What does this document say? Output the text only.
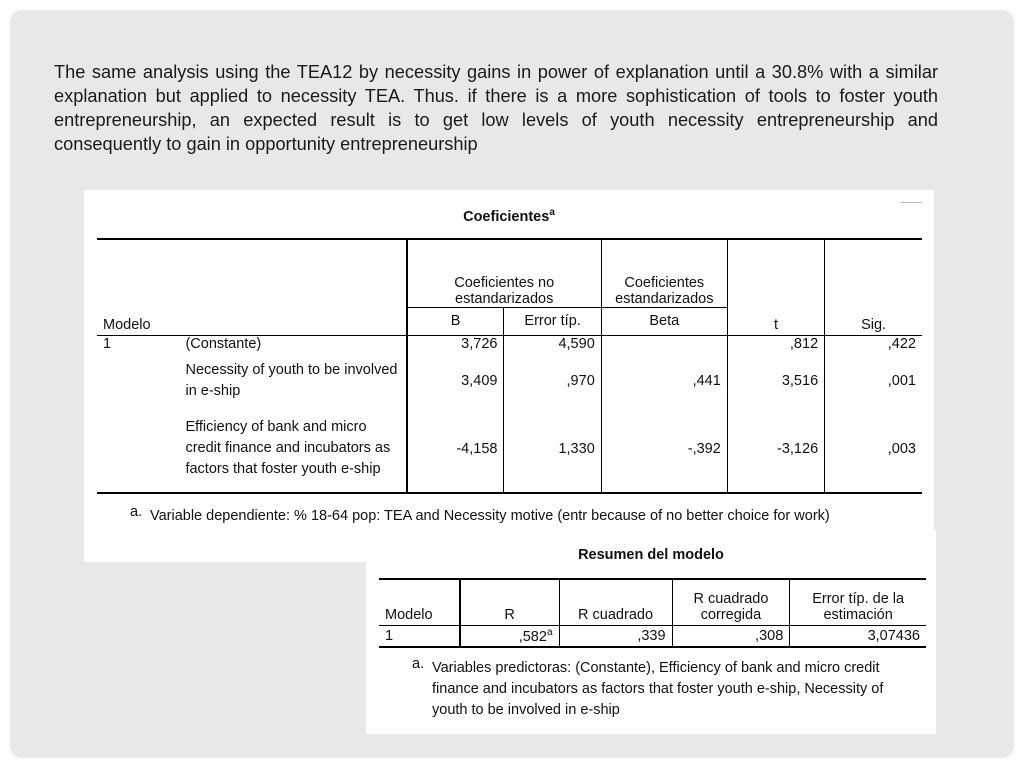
The same analysis using the TEA12 by necessity gains in power of explanation until a 30.8% with a similar explanation but applied to necessity TEA. Thus. if there is a more sophistication of tools to foster youth entrepreneurship, an expected result is to get low levels of youth necessity entrepreneurship and consequently to gain in opportunity entrepreneurship
Coeficientes$^a$
Modelo		Coeficientes no estandarizados		Coeficientes estandarizados	t	Sig.
		B	Error típ.	Beta		
1	(Constante)	3,726	4,590		,812	,422
	Necessity of youth to be involved in e-ship	3,409	,970	,441	3,516	,001
	Efficiency of bank and micro credit finance and incubators as factors that foster youth e-ship	-4,158	1,330	-,392	-3,126	,003
a. Variable dependiente: % 18-64 pop: TEA and Necessity motive (entr because of no better choice for work)
Resumen del modelo
Modelo	R	R cuadrado	R cuadrado corregida	Error típ. de la estimación
1	,582$^a$	,339	,308	3,07436
a. Variables predictoras: (Constante), Efficiency of bank and micro credit finance and incubators as factors that foster youth e-ship, Necessity of youth to be involved in e-ship
